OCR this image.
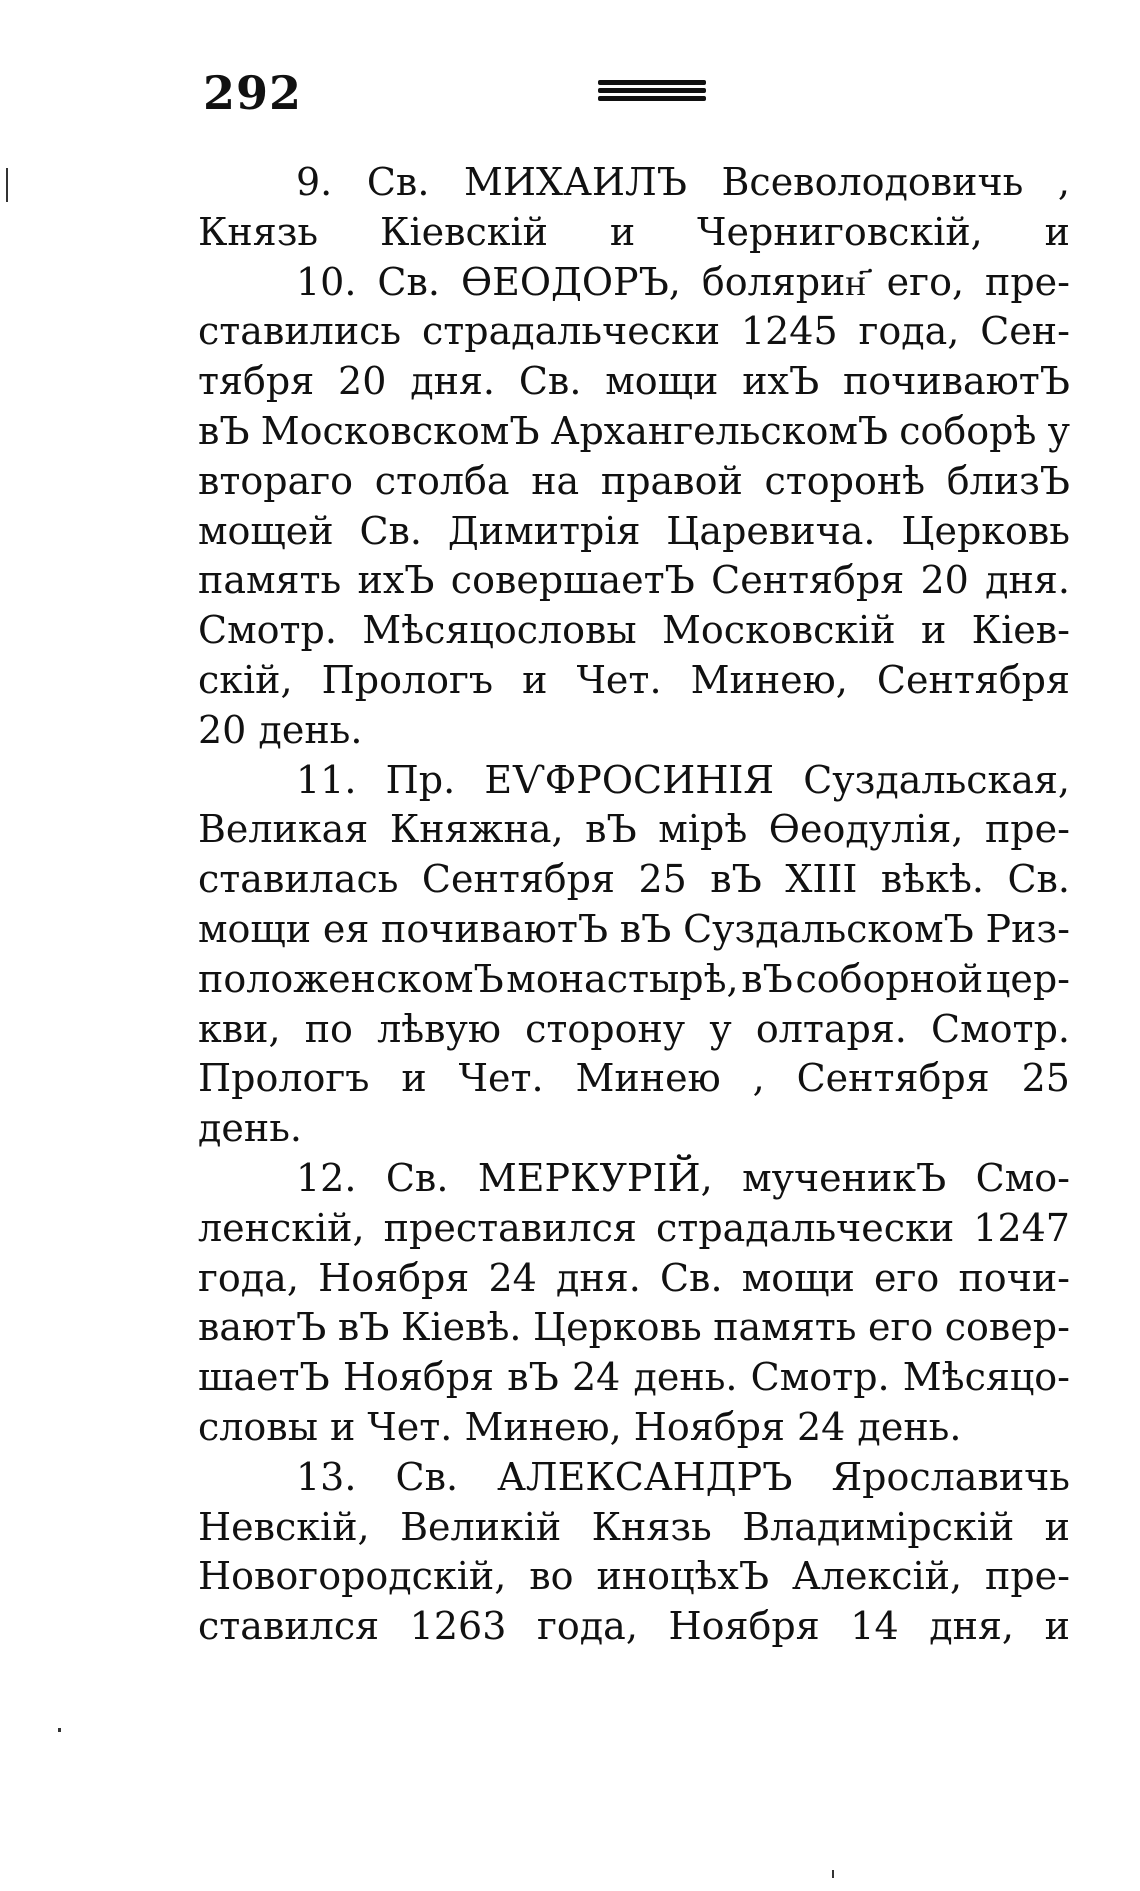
292
9. Св. МИХАИЛЪ Всеволодовичь ,
Князь Кіевскій и Черниговскій, и
10. Св. ӨЕОДОРЪ, болярин҃ его, пре-
ставились страдальчески 1245 года, Сен-
тября 20 дня. Св. мощи ихЪ почиваютЪ
вЪ МосковскомЪ АрхангельскомЪ соборѣ у
втораго столба на правой сторонѣ близЪ
мощей Св. Димитрія Царевича. Церковь
память ихЪ совершаетЪ Сентября 20 дня.
Смотр. Мѣсяцословы Московскій и Кіев-
скій, Прологъ и Чет. Минею, Сентября
20 день.
11. Пр. ЕѴФРОСИНІЯ Суздальская,
Великая Княжна, вЪ мірѣ Өеодулія, пре-
ставилась Сентября 25 вЪ XIII вѣкѣ. Св.
мощи ея почиваютЪ вЪ СуздальскомЪ Риз-
положенскомЪ монастырѣ, вЪ соборной цер-
кви, по лѣвую сторону у олтаря. Смотр.
Прологъ и Чет. Минею , Сентября 25
день.
12. Св. МЕРКУРІЙ, мученикЪ Смо-
ленскій, преставился страдальчески 1247
года, Ноября 24 дня. Св. мощи его почи-
ваютЪ вЪ Кіевѣ. Церковь память его совер-
шаетЪ Ноября вЪ 24 день. Смотр. Мѣсяцо-
словы и Чет. Минею, Ноября 24 день.
13. Св. АЛЕКСАНДРЪ Ярославичь
Невскій, Великій Князь Владимірскій и
Новогородскій, во иноцѣхЪ Алексій, пре-
ставился 1263 года, Ноября 14 дня, и
